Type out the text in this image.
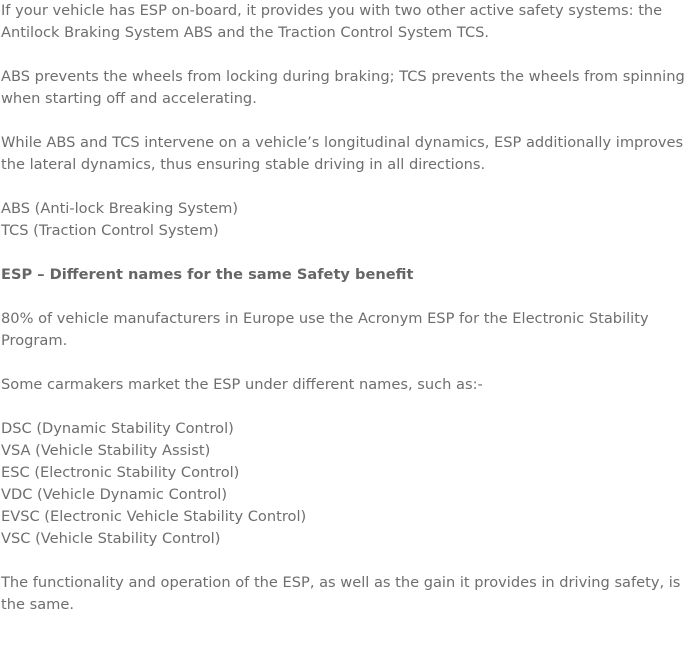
If your vehicle has ESP on-board, it provides you with two other active safety systems: the Antilock Braking System ABS and the Traction Control System TCS.

ABS prevents the wheels from locking during braking; TCS prevents the wheels from spinning when starting off and accelerating.

While ABS and TCS intervene on a vehicle’s longitudinal dynamics, ESP additionally improves the lateral dynamics, thus ensuring stable driving in all directions.

ABS (Anti-lock Breaking System)
TCS (Traction Control System)

ESP – Different names for the same Safety benefit

80% of vehicle manufacturers in Europe use the Acronym ESP for the Electronic Stability Program.

Some carmakers market the ESP under different names, such as:-

DSC (Dynamic Stability Control)
VSA (Vehicle Stability Assist)
ESC (Electronic Stability Control)
VDC (Vehicle Dynamic Control)
EVSC (Electronic Vehicle Stability Control)
VSC (Vehicle Stability Control)

The functionality and operation of the ESP, as well as the gain it provides in driving safety, is the same.
